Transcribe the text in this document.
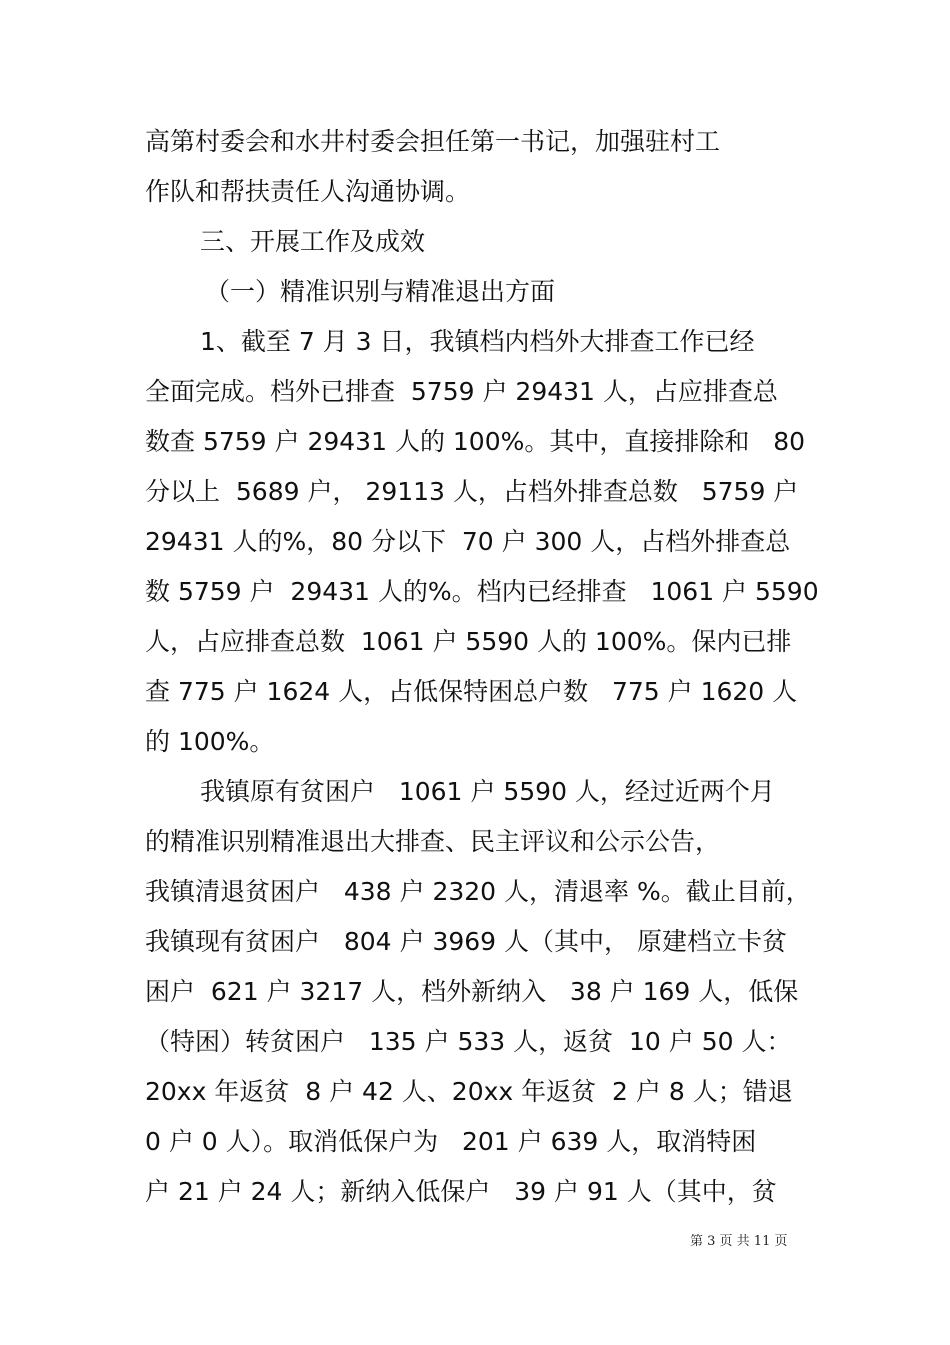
高第村委会和水井村委会担任第一书记，加强驻村工
作队和帮扶责任人沟通协调。
三、开展工作及成效
（一）精准识别与精准退出方面
1、截至 7 月 3 日，我镇档内档外大排查工作已经
全面完成。档外已排查  5759 户 29431 人，占应排查总
数查 5759 户 29431 人的 100%。其中，直接排除和   80
分以上  5689 户， 29113 人，占档外排查总数   5759 户
29431 人的%，80 分以下  70 户 300 人，占档外排查总
数 5759 户  29431 人的%。档内已经排查   1061 户 5590
人，占应排查总数  1061 户 5590 人的 100%。保内已排
查 775 户 1624 人，占低保特困总户数   775 户 1620 人
的 100%。
我镇原有贫困户   1061 户 5590 人，经过近两个月
的精准识别精准退出大排查、民主评议和公示公告，
我镇清退贫困户   438 户 2320 人，清退率 %。截止目前，
我镇现有贫困户   804 户 3969 人（其中， 原建档立卡贫
困户  621 户 3217 人，档外新纳入   38 户 169 人，低保
（特困）转贫困户   135 户 533 人，返贫  10 户 50 人：
20xx 年返贫  8 户 42 人、20xx 年返贫  2 户 8 人；错退
0 户 0 人）。取消低保户为   201 户 639 人，取消特困
户 21 户 24 人；新纳入低保户   39 户 91 人（其中，贫
第 3 页 共 11 页
